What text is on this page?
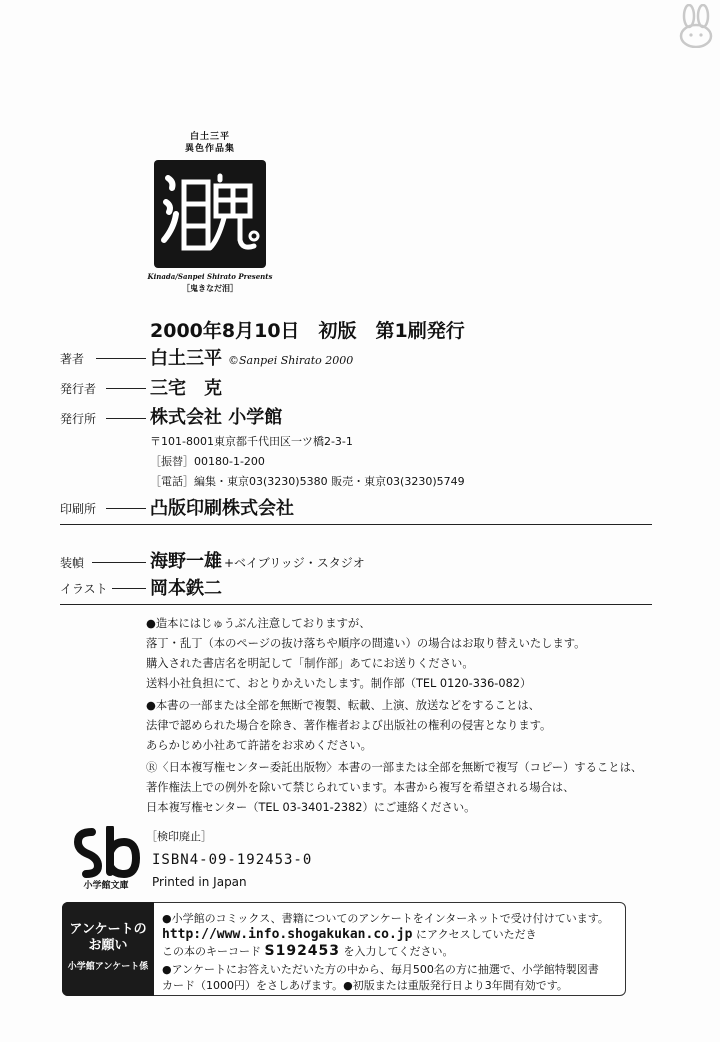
白土三平
異色作品集
Kinada/Sanpei Shirato Presents
［鬼きなだ泪］
2000年8月10日　初版　第1刷発行
著者	白土三平 ©Sanpei Shirato 2000
発行者	三宅　克
発行所	株式会社 小学館
〒101-8001東京都千代田区一ツ橋2-3-1
［振替］00180-1-200
［電話］編集・東京03(3230)5380 販売・東京03(3230)5749
印刷所	凸版印刷株式会社
装幀	海野一雄 +ベイブリッジ・スタジオ
イラスト 岡本鉄二
●造本にはじゅうぶん注意しておりますが、
落丁・乱丁（本のページの抜け落ちや順序の間違い）の場合はお取り替えいたします。
購入された書店名を明記して「制作部」あてにお送りください。
送料小社負担にて、おとりかえいたします。制作部（TEL 0120-336-082）
●本書の一部または全部を無断で複製、転載、上演、放送などをすることは、
法律で認められた場合を除き、著作権者および出版社の権利の侵害となります。
あらかじめ小社あて許諾をお求めください。
Ⓡ〈日本複写権センター委託出版物〉本書の一部または全部を無断で複写（コピー）することは、
著作権法上での例外を除いて禁じられています。本書から複写を希望される場合は、
日本複写権センター（TEL 03-3401-2382）にご連絡ください。
小学館文庫
［検印廃止］
ISBN4-09-192453-0
Printed in Japan
アンケートの
お願い
小学館アンケート係
●小学館のコミックス、書籍についてのアンケートをインターネットで受け付けています。
http://www.info.shogakukan.co.jp にアクセスしていただき
この本のキーコード S192453 を入力してください。
●アンケートにお答えいただいた方の中から、毎月500名の方に抽選で、小学館特製図書
カード（1000円）をさしあげます。●初版または重版発行日より3年間有効です。
